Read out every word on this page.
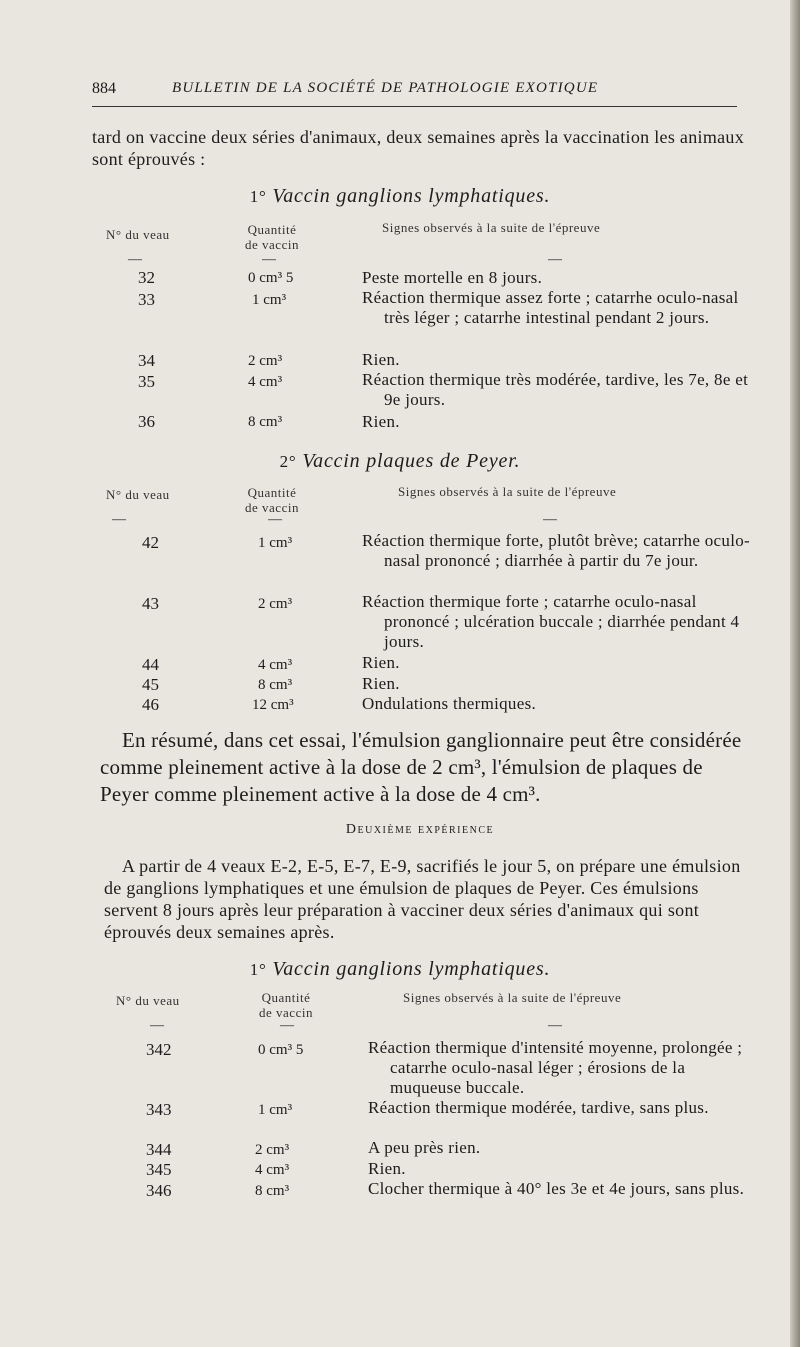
884	BULLETIN DE LA SOCIÉTÉ DE PATHOLOGIE EXOTIQUE

tard on vaccine deux séries d'animaux, deux semaines après la vaccination les animaux sont éprouvés :

1° Vaccin ganglions lymphatiques.
N° du veau	Quantité
de vaccin
Signes observés à la suite de l'épreuve
—	—	—
32	0 cm³ 5	Peste mortelle en 8 jours.
33	1 cm³	Réaction thermique assez forte ; catarrhe oculo-nasal très léger ; catarrhe intestinal pendant 2 jours.
34	2 cm³	Rien.
35	4 cm³	Réaction thermique très modérée, tardive, les 7e, 8e et 9e jours.
36	8 cm³	Rien.
2° Vaccin plaques de Peyer.
N° du veau	Quantité
de vaccin
Signes observés à la suite de l'épreuve
—	—	—
42	1 cm³	Réaction thermique forte, plutôt brève; catarrhe oculo-nasal prononcé ; diarrhée à partir du 7e jour.
43	2 cm³	Réaction thermique forte ; catarrhe oculo-nasal prononcé ; ulcération buccale ; diarrhée pendant 4 jours.
44	4 cm³	Rien.
45	8 cm³	Rien.
46	12 cm³	Ondulations thermiques.

En résumé, dans cet essai, l'émulsion ganglionnaire peut être considérée comme pleinement active à la dose de 2 cm³, l'émulsion de plaques de Peyer comme pleinement active à la dose de 4 cm³.

Deuxième expérience

A partir de 4 veaux E-2, E-5, E-7, E-9, sacrifiés le jour 5, on prépare une émulsion de ganglions lymphatiques et une émulsion de plaques de Peyer. Ces émulsions servent 8 jours après leur préparation à vacciner deux séries d'animaux qui sont éprouvés deux semaines après.

1° Vaccin ganglions lymphatiques.
N° du veau	Quantité
de vaccin
Signes observés à la suite de l'épreuve
—	—	—
342	0 cm³ 5	Réaction thermique d'intensité moyenne, prolongée ; catarrhe oculo-nasal léger ; érosions de la muqueuse buccale.
343	1 cm³	Réaction thermique modérée, tardive, sans plus.
344	2 cm³	A peu près rien.
345	4 cm³	Rien.
346	8 cm³	Clocher thermique à 40° les 3e et 4e jours, sans plus.
